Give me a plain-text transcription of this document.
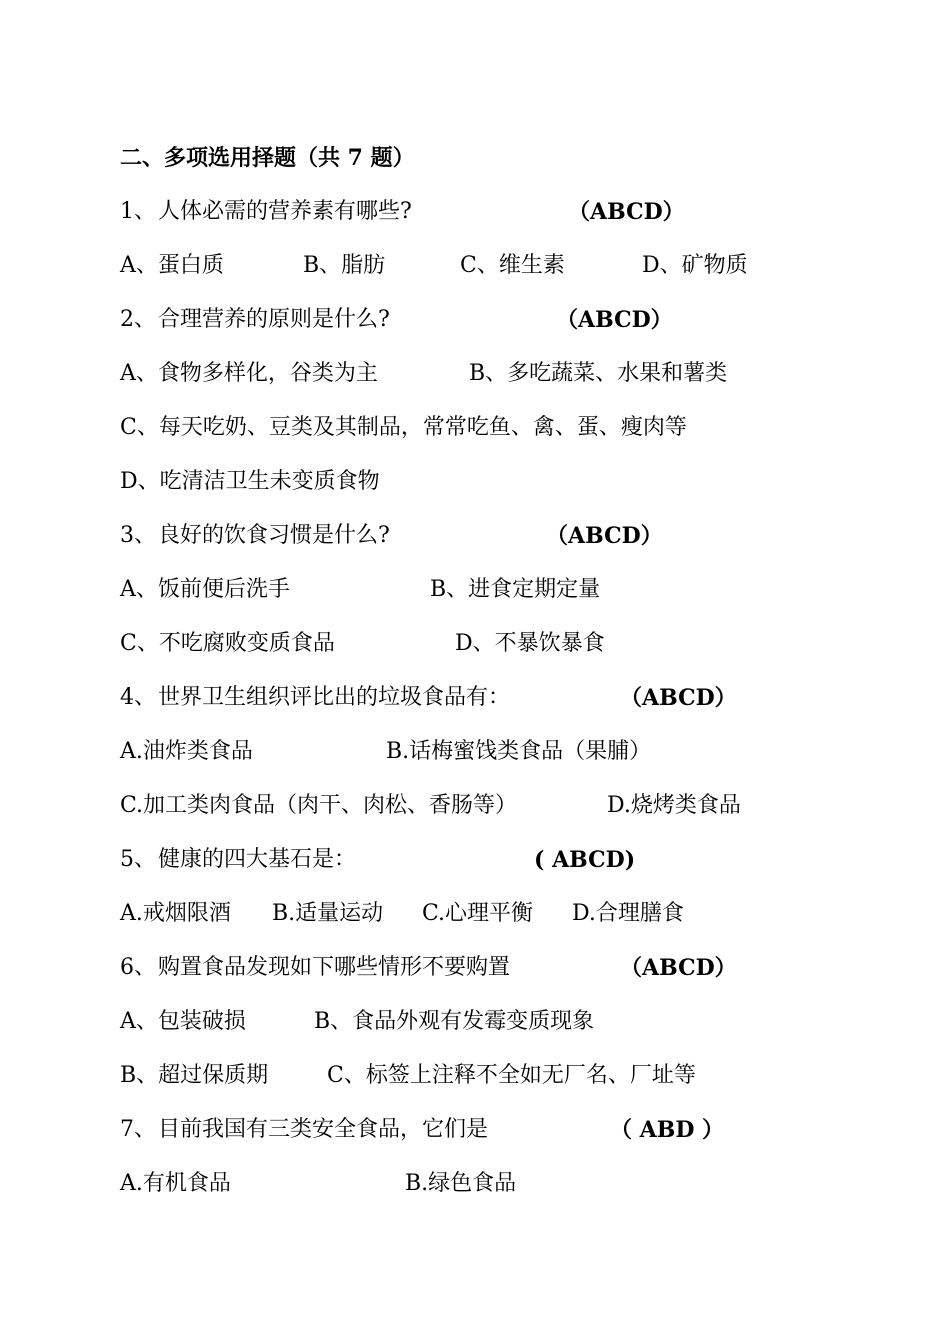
二、多项选用择题（共 7 题）
1、 人体必需的营养素有哪些?	（ABCD）
A、蛋白质	B、脂肪	C、维生素	D、矿物质
2、 合理营养的原则是什么?	（ABCD）
A、食物多样化，谷类为主	B、多吃蔬菜、水果和薯类
C、每天吃奶、豆类及其制品，常常吃鱼、禽、蛋、瘦肉等
D、吃清洁卫生未变质食物
3、 良好的饮食习惯是什么?	（ABCD）
A、饭前便后洗手	B、进食定期定量
C、不吃腐败变质食品	D、不暴饮暴食
4、 世界卫生组织评比出的垃圾食品有：	（ABCD）
A.油炸类食品	B.话梅蜜饯类食品（果脯）
C.加工类肉食品（肉干、肉松、香肠等）	D.烧烤类食品
5、 健康的四大基石是：	( ABCD)
A.戒烟限酒 B.适量运动 C.心理平衡 D.合理膳食
6、 购置食品发现如下哪些情形不要购置	（ABCD）
A、包装破损	B、食品外观有发霉变质现象
B、超过保质期	C、标签上注释不全如无厂名、厂址等
7、 目前我国有三类安全食品，它们是	（ ABD ）
A.有机食品	B.绿色食品
